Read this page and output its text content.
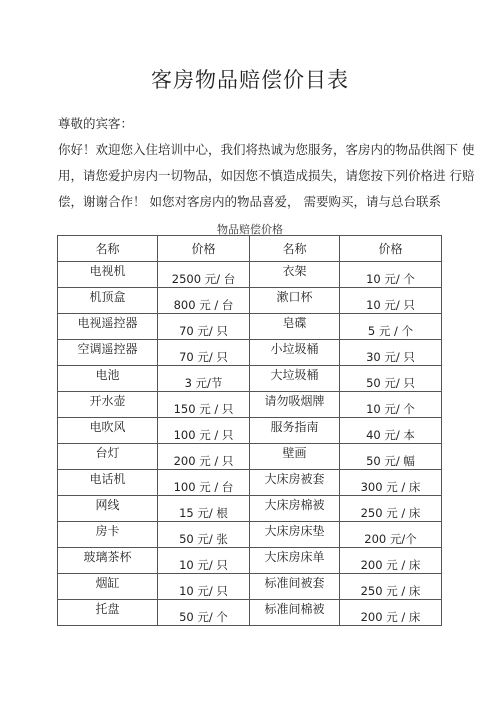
客房物品赔偿价目表
尊敬的宾客：
你好！欢迎您入住培训中心，我们将热诚为您服务，客房内的物品供阁下 使
用，请您爱护房内一切物品，如因您不慎造成损失，请您按下列价格进 行赔
偿，谢谢合作！ 如您对客房内的物品喜爱， 需要购买，请与总台联系
物品赔偿价格
名称	价格	名称	价格
电视机	2500 元/ 台	衣架	10 元/ 个
机顶盒	800 元 / 台	漱口杯	10 元/ 只
电视遥控器	70 元/ 只	皂碟	5 元 / 个
空调遥控器	70 元/ 只	小垃圾桶	30 元/ 只
电池	3 元/节	大垃圾桶	50 元/ 只
开水壶	150 元 / 只	请勿吸烟牌	10 元/ 个
电吹风	100 元 / 只	服务指南	40 元/ 本
台灯	200 元 / 只	壁画	50 元/ 幅
电话机	100 元 / 台	大床房被套	300 元 / 床
网线	15 元/ 根	大床房棉被	250 元 / 床
房卡	50 元/ 张	大床房床垫	200 元/个
玻璃茶杯	10 元/ 只	大床房床单	200 元 / 床
烟缸	10 元/ 只	标准间被套	250 元 / 床
托盘	50 元/ 个	标准间棉被	200 元 / 床
